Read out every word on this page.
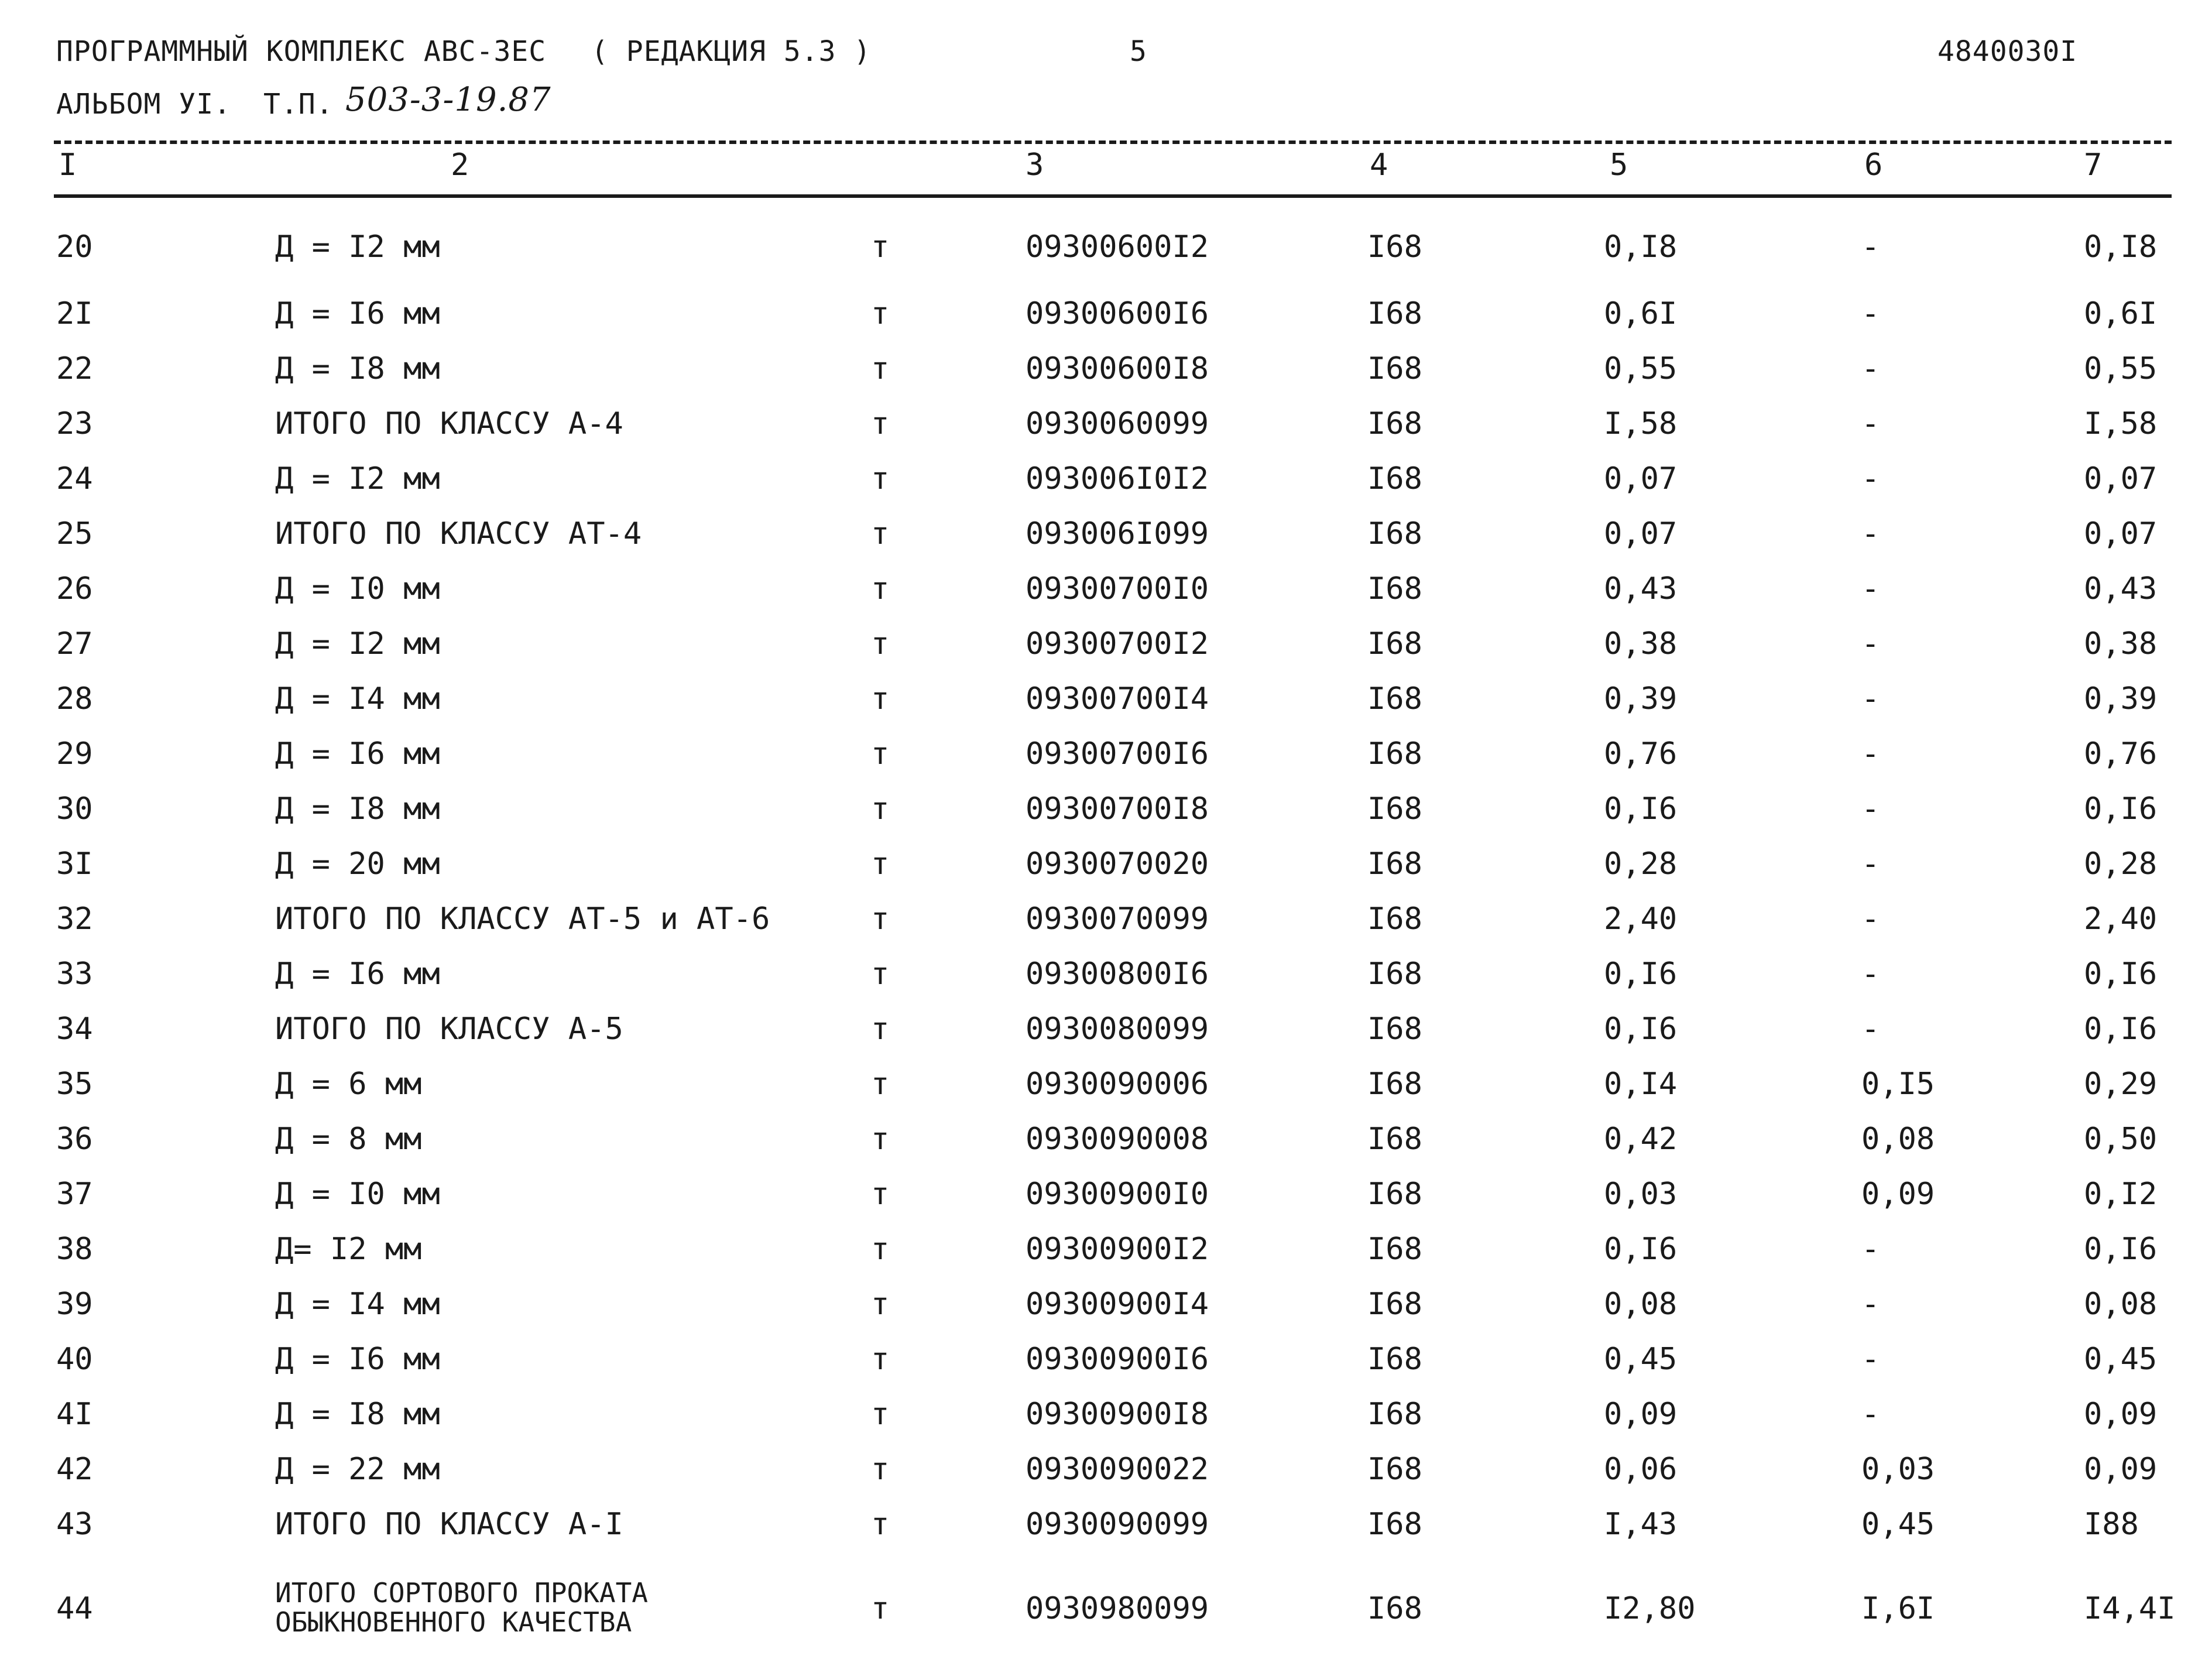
ПРОГРАММНЫЙ КОМПЛЕКС АВС-ЗЕС ( РЕДАКЦИЯ 5.3 )	5	4840030I
АЛЬБОМ УI. Т.П. 503-3-19.87
I	2	3	4	5	6	7
20	Д = I2 мм	т	09300600I2	I68	0,I8	-	0,I8
2I	Д = I6 мм	т	09300600I6	I68	0,6I	-	0,6I
22	Д = I8 мм	т	09300600I8	I68	0,55	-	0,55
23	ИТОГО ПО КЛАССУ А-4	т	0930060099	I68	I,58	-	I,58
24	Д = I2 мм	т	093006I0I2	I68	0,07	-	0,07
25	ИТОГО ПО КЛАССУ АТ-4	т	093006I099	I68	0,07	-	0,07
26	Д = I0 мм	т	09300700I0	I68	0,43	-	0,43
27	Д = I2 мм	т	09300700I2	I68	0,38	-	0,38
28	Д = I4 мм	т	09300700I4	I68	0,39	-	0,39
29	Д = I6 мм	т	09300700I6	I68	0,76	-	0,76
30	Д = I8 мм	т	09300700I8	I68	0,I6	-	0,I6
3I	Д = 20 мм	т	0930070020	I68	0,28	-	0,28
32	ИТОГО ПО КЛАССУ АТ-5 и АТ-6	т	0930070099	I68	2,40	-	2,40
33	Д = I6 мм	т	09300800I6	I68	0,I6	-	0,I6
34	ИТОГО ПО КЛАССУ А-5	т	0930080099	I68	0,I6	-	0,I6
35	Д = 6 мм	т	0930090006	I68	0,I4	0,I5	0,29
36	Д = 8 мм	т	0930090008	I68	0,42	0,08	0,50
37	Д = I0 мм	т	09300900I0	I68	0,03	0,09	0,I2
38	Д= I2 мм	т	09300900I2	I68	0,I6	-	0,I6
39	Д = I4 мм	т	09300900I4	I68	0,08	-	0,08
40	Д = I6 мм	т	09300900I6	I68	0,45	-	0,45
4I	Д = I8 мм	т	09300900I8	I68	0,09	-	0,09
42	Д = 22 мм	т	0930090022	I68	0,06	0,03	0,09
43	ИТОГО ПО КЛАССУ А-I	т	0930090099	I68	I,43	0,45	I88
44	ИТОГО СОРТОВОГО ПРОКАТА
ОБЫКНОВЕННОГО КАЧЕСТВА	т	0930980099	I68	I2,80	I,6I	I4,4I
